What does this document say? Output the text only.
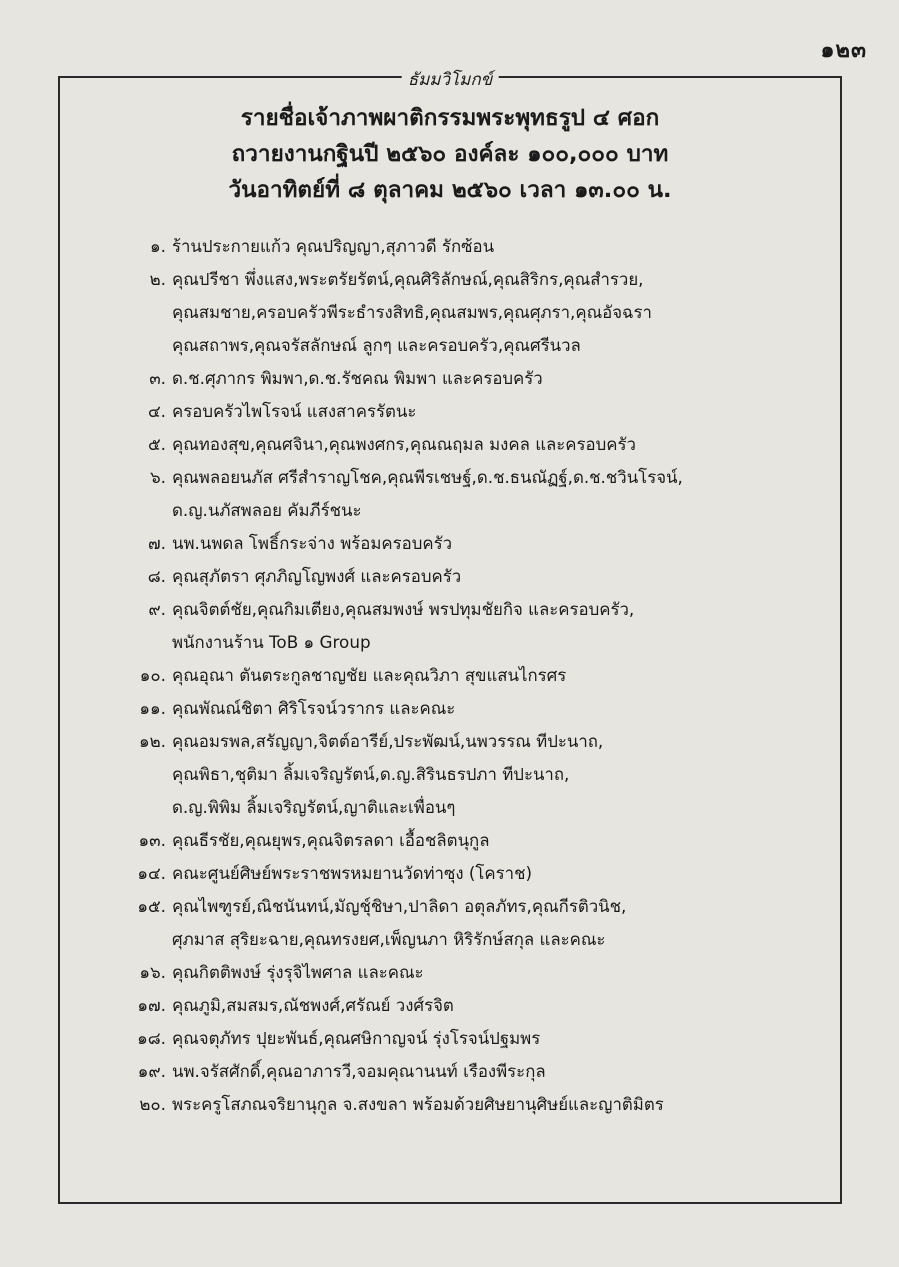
๑๒๓
ธัมมวิโมกข์
รายชื่อเจ้าภาพผาติกรรมพระพุทธรูป ๔ ศอก
ถวายงานกฐินปี ๒๕๖๐ องค์ละ ๑๐๐,๐๐๐ บาท
วันอาทิตย์ที่ ๘ ตุลาคม ๒๕๖๐ เวลา ๑๓.๐๐ น.
๑. ร้านประกายแก้ว คุณปริญญา,สุภาวดี รักซ้อน
๒. คุณปรีชา พึ่งแสง,พระตรัยรัตน์,คุณศิริลักษณ์,คุณสิริกร,คุณสำรวย,
คุณสมชาย,ครอบครัวพีระธำรงสิทธิ,คุณสมพร,คุณศุภรา,คุณอัจฉรา
คุณสถาพร,คุณจรัสลักษณ์ ลูกๆ และครอบครัว,คุณศรีนวล
๓. ด.ช.ศุภากร พิมพา,ด.ช.รัชคณ พิมพา และครอบครัว
๔. ครอบครัวไพโรจน์ แสงสาครรัตนะ
๕. คุณทองสุข,คุณศจินา,คุณพงศกร,คุณณฤมล มงคล และครอบครัว
๖. คุณพลอยนภัส ศรีสำราญโชค,คุณพีรเชษฐ์,ด.ช.ธนณัฏฐ์,ด.ช.ชวินโรจน์,
ด.ญ.นภัสพลอย คัมภีร์ชนะ
๗. นพ.นพดล โพธิ์กระจ่าง พร้อมครอบครัว
๘. คุณสุภัตรา ศุภภิญโญพงศ์ และครอบครัว
๙. คุณจิตต์ชัย,คุณกิมเตียง,คุณสมพงษ์ พรปทุมชัยกิจ และครอบครัว,
พนักงานร้าน ToB ๑ Group
๑๐. คุณอุณา ตันตระกูลชาญชัย และคุณวิภา สุขแสนไกรศร
๑๑. คุณพัณณ์ชิตา ศิริโรจน์วรากร และคณะ
๑๒. คุณอมรพล,สรัญญา,จิตต์อารีย์,ประพัฒน์,นพวรรณ ทีปะนาถ,
คุณพิธา,ชุติมา ลิ้มเจริญรัตน์,ด.ญ.สิรินธรปภา ทีปะนาถ,
ด.ญ.พิพิม ลิ้มเจริญรัตน์,ญาติและเพื่อนๆ
๑๓. คุณธีรชัย,คุณยุพร,คุณจิตรลดา เอื้อชลิตนุกูล
๑๔. คณะศูนย์ศิษย์พระราชพรหมยานวัดท่าซุง (โคราช)
๑๕. คุณไพฑูรย์,ณิชนันทน์,มัญชุ์ชิษา,ปาลิดา อตุลภัทร,คุณกีรติวนิช,
ศุภมาส สุริยะฉาย,คุณทรงยศ,เพ็ญนภา หิริรักษ์สกุล และคณะ
๑๖. คุณกิตติพงษ์ รุ่งรุจิไพศาล และคณะ
๑๗. คุณภูมิ,สมสมร,ณัชพงศ์,ศรัณย์ วงศ์รจิต
๑๘. คุณจตุภัทร ปุยะพันธ์,คุณศษิกาญจน์ รุ่งโรจน์ปฐมพร
๑๙. นพ.จรัสศักดิ์,คุณอาภารวี,จอมคุณานนท์ เรืองพีระกุล
๒๐. พระครูโสภณจริยานุกูล จ.สงขลา พร้อมด้วยศิษยานุศิษย์และญาติมิตร
